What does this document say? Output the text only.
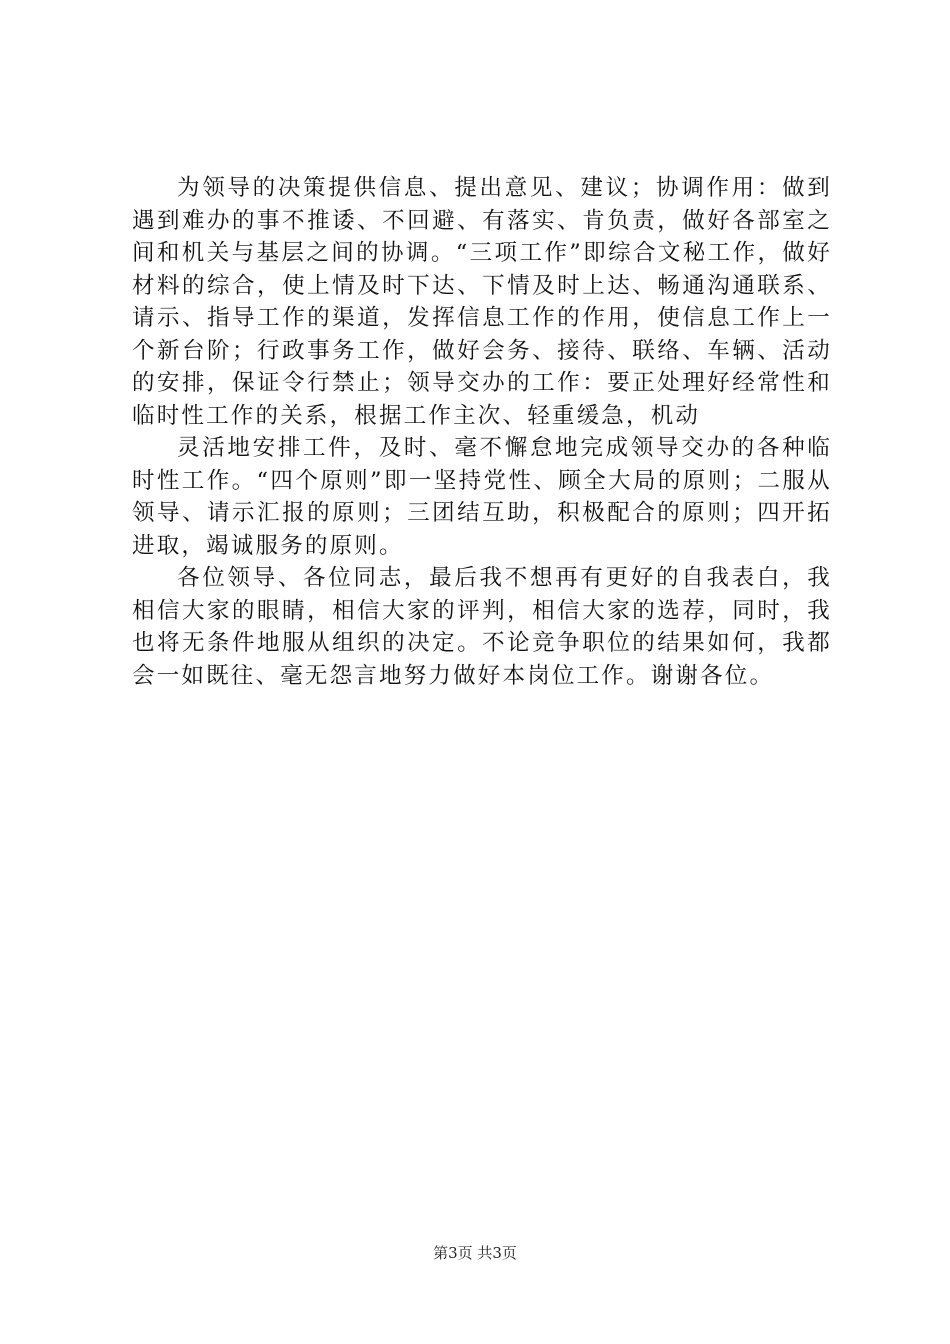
为领导的决策提供信息、提出意见、建议；协调作用：做到遇到难办的事不推诿、不回避、有落实、肯负责，做好各部室之间和机关与基层之间的协调。“三项工作”即综合文秘工作，做好材料的综合，使上情及时下达、下情及时上达、畅通沟通联系、请示、指导工作的渠道，发挥信息工作的作用，使信息工作上一个新台阶；行政事务工作，做好会务、接待、联络、车辆、活动的安排，保证令行禁止；领导交办的工作：要正处理好经常性和临时性工作的关系，根据工作主次、轻重缓急，机动

灵活地安排工件，及时、毫不懈怠地完成领导交办的各种临时性工作。“四个原则”即一坚持党性、顾全大局的原则；二服从领导、请示汇报的原则；三团结互助，积极配合的原则；四开拓进取，竭诚服务的原则。

各位领导、各位同志，最后我不想再有更好的自我表白，我相信大家的眼睛，相信大家的评判，相信大家的选荐，同时，我也将无条件地服从组织的决定。不论竞争职位的结果如何，我都会一如既往、毫无怨言地努力做好本岗位工作。谢谢各位。

第3页 共3页
